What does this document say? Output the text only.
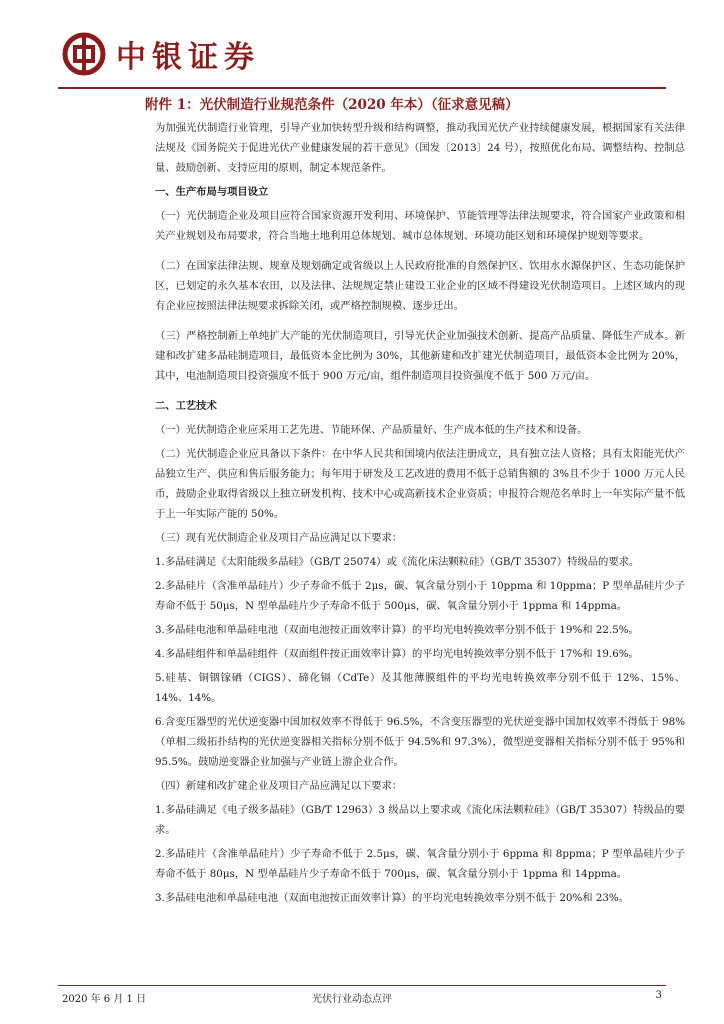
中银证券
附件 1：光伏制造行业规范条件（2020 年本）（征求意见稿）

为加强光伏制造行业管理，引导产业加快转型升级和结构调整，推动我国光伏产业持续健康发展，根据国家有关法律法规及《国务院关于促进光伏产业健康发展的若干意见》（国发〔2013〕24 号），按照优化布局、调整结构、控制总量、鼓励创新、支持应用的原则，制定本规范条件。

一、生产布局与项目设立

（一）光伏制造企业及项目应符合国家资源开发利用、环境保护、节能管理等法律法规要求，符合国家产业政策和相关产业规划及布局要求，符合当地土地利用总体规划、城市总体规划、环境功能区划和环境保护规划等要求。

（二）在国家法律法规、规章及规划确定或省级以上人民政府批准的自然保护区、饮用水水源保护区、生态功能保护区，已划定的永久基本农田，以及法律、法规规定禁止建设工业企业的区域不得建设光伏制造项目。上述区域内的现有企业应按照法律法规要求拆除关闭，或严格控制规模、逐步迁出。

（三）严格控制新上单纯扩大产能的光伏制造项目，引导光伏企业加强技术创新、提高产品质量、降低生产成本。新建和改扩建多晶硅制造项目，最低资本金比例为 30%，其他新建和改扩建光伏制造项目，最低资本金比例为 20%，其中，电池制造项目投资强度不低于 900 万元/亩，组件制造项目投资强度不低于 500 万元/亩。

二、工艺技术

（一）光伏制造企业应采用工艺先进、节能环保、产品质量好、生产成本低的生产技术和设备。

（二）光伏制造企业应具备以下条件：在中华人民共和国境内依法注册成立，具有独立法人资格；具有太阳能光伏产品独立生产、供应和售后服务能力；每年用于研发及工艺改进的费用不低于总销售额的 3%且不少于 1000 万元人民币，鼓励企业取得省级以上独立研发机构、技术中心或高新技术企业资质；申报符合规范名单时上一年实际产量不低于上一年实际产能的 50%。

（三）现有光伏制造企业及项目产品应满足以下要求：

1.多晶硅满足《太阳能级多晶硅》（GB/T 25074）或《流化床法颗粒硅》（GB/T 35307）特级品的要求。

2.多晶硅片（含准单晶硅片）少子寿命不低于 2μs，碳、氧含量分别小于 10ppma 和 10ppma；P 型单晶硅片少子寿命不低于 50μs，N 型单晶硅片少子寿命不低于 500μs，碳、氧含量分别小于 1ppma 和 14ppma。

3.多晶硅电池和单晶硅电池（双面电池按正面效率计算）的平均光电转换效率分别不低于 19%和 22.5%。

4.多晶硅组件和单晶硅组件（双面组件按正面效率计算）的平均光电转换效率分别不低于 17%和 19.6%。

5.硅基、铜铟镓硒（CIGS）、碲化镉（CdTe）及其他薄膜组件的平均光电转换效率分别不低于 12%、15%、14%、14%。

6.含变压器型的光伏逆变器中国加权效率不得低于 96.5%，不含变压器型的光伏逆变器中国加权效率不得低于 98%（单相二级拓扑结构的光伏逆变器相关指标分别不低于 94.5%和 97.3%），微型逆变器相关指标分别不低于 95%和 95.5%。鼓励逆变器企业加强与产业链上游企业合作。

（四）新建和改扩建企业及项目产品应满足以下要求：

1.多晶硅满足《电子级多晶硅》（GB/T 12963）3 级品以上要求或《流化床法颗粒硅》（GB/T 35307）特级品的要求。

2.多晶硅片（含准单晶硅片）少子寿命不低于 2.5μs，碳、氧含量分别小于 6ppma 和 8ppma；P 型单晶硅片少子寿命不低于 80μs，N 型单晶硅片少子寿命不低于 700μs，碳、氧含量分别小于 1ppma 和 14ppma。

3.多晶硅电池和单晶硅电池（双面电池按正面效率计算）的平均光电转换效率分别不低于 20%和 23%。

2020 年 6 月 1 日	光伏行业动态点评	3
